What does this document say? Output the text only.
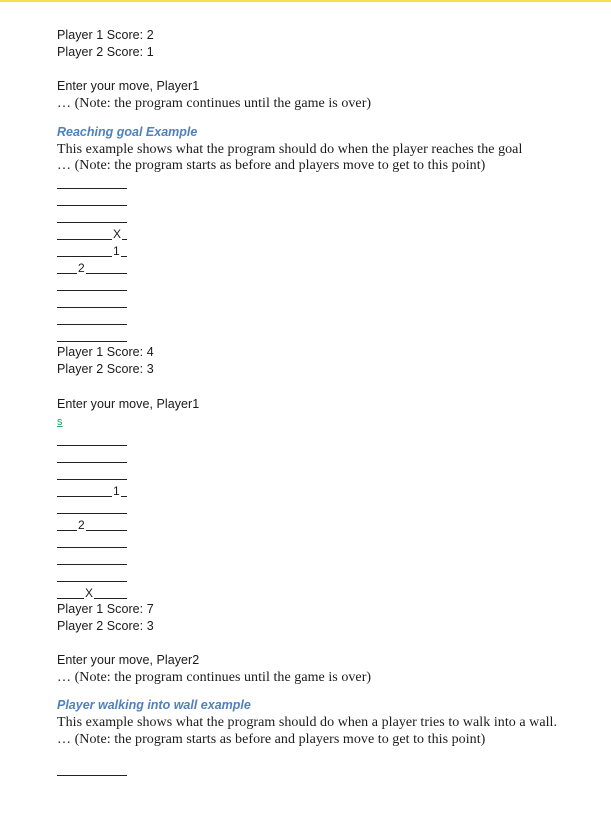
Player 1 Score: 2
Player 2 Score: 1
Enter your move, Player1
… (Note: the program continues until the game is over)
Reaching goal Example
This example shows what the program should do when the player reaches the goal
… (Note: the program starts as before and players move to get to this point)
X
1
2
Player 1 Score: 4
Player 2 Score: 3
Enter your move, Player1
s
1
2
X
Player 1 Score: 7
Player 2 Score: 3
Enter your move, Player2
… (Note: the program continues until the game is over)
Player walking into wall example
This example shows what the program should do when a player tries to walk into a wall.
… (Note: the program starts as before and players move to get to this point)
